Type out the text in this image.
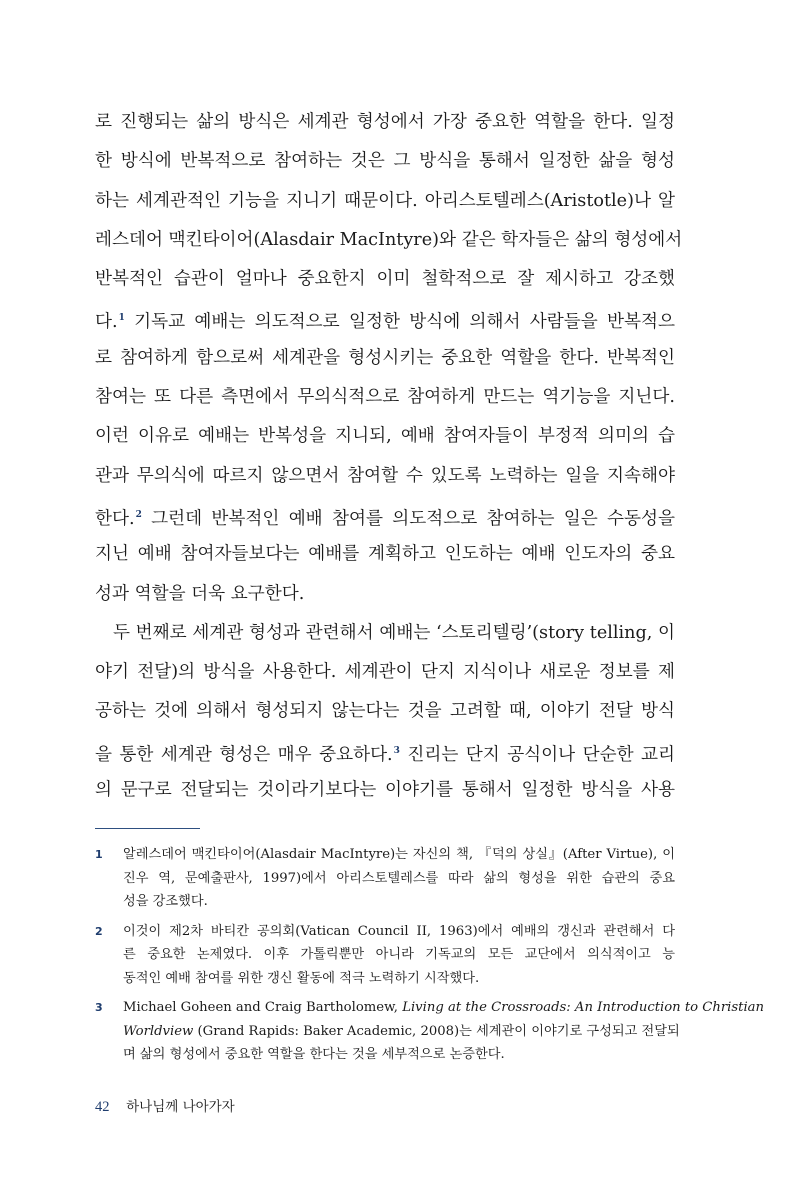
로 진행되는 삶의 방식은 세계관 형성에서 가장 중요한 역할을 한다. 일정
한 방식에 반복적으로 참여하는 것은 그 방식을 통해서 일정한 삶을 형성
하는 세계관적인 기능을 지니기 때문이다. 아리스토텔레스(Aristotle)나 알
레스데어 맥킨타이어(Alasdair MacIntyre)와 같은 학자들은 삶의 형성에서
반복적인 습관이 얼마나 중요한지 이미 철학적으로 잘 제시하고 강조했
다.$^1$ 기독교 예배는 의도적으로 일정한 방식에 의해서 사람들을 반복적으
로 참여하게 함으로써 세계관을 형성시키는 중요한 역할을 한다. 반복적인
참여는 또 다른 측면에서 무의식적으로 참여하게 만드는 역기능을 지닌다.
이런 이유로 예배는 반복성을 지니되, 예배 참여자들이 부정적 의미의 습
관과 무의식에 따르지 않으면서 참여할 수 있도록 노력하는 일을 지속해야
한다.$^2$ 그런데 반복적인 예배 참여를 의도적으로 참여하는 일은 수동성을
지닌 예배 참여자들보다는 예배를 계획하고 인도하는 예배 인도자의 중요
성과 역할을 더욱 요구한다.
두 번째로 세계관 형성과 관련해서 예배는 ‘스토리텔링’(story telling, 이
야기 전달)의 방식을 사용한다. 세계관이 단지 지식이나 새로운 정보를 제
공하는 것에 의해서 형성되지 않는다는 것을 고려할 때, 이야기 전달 방식
을 통한 세계관 형성은 매우 중요하다.$^3$ 진리는 단지 공식이나 단순한 교리
의 문구로 전달되는 것이라기보다는 이야기를 통해서 일정한 방식을 사용
1 알레스데어 맥킨타이어(Alasdair MacIntyre)는 자신의 책, 『덕의 상실』(After Virtue), 이
진우 역, 문예출판사, 1997)에서 아리스토텔레스를 따라 삶의 형성을 위한 습관의 중요
성을 강조했다.
2 이것이 제2차 바티칸 공의회(Vatican Council II, 1963)에서 예배의 갱신과 관련해서 다
른 중요한 논제였다. 이후 가톨릭뿐만 아니라 기독교의 모든 교단에서 의식적이고 능
동적인 예배 참여를 위한 갱신 활동에 적극 노력하기 시작했다.
3 Michael Goheen and Craig Bartholomew, Living at the Crossroads: An Introduction to Christian
Worldview (Grand Rapids: Baker Academic, 2008)는 세계관이 이야기로 구성되고 전달되
며 삶의 형성에서 중요한 역할을 한다는 것을 세부적으로 논증한다.
42 하나님께 나아가자
